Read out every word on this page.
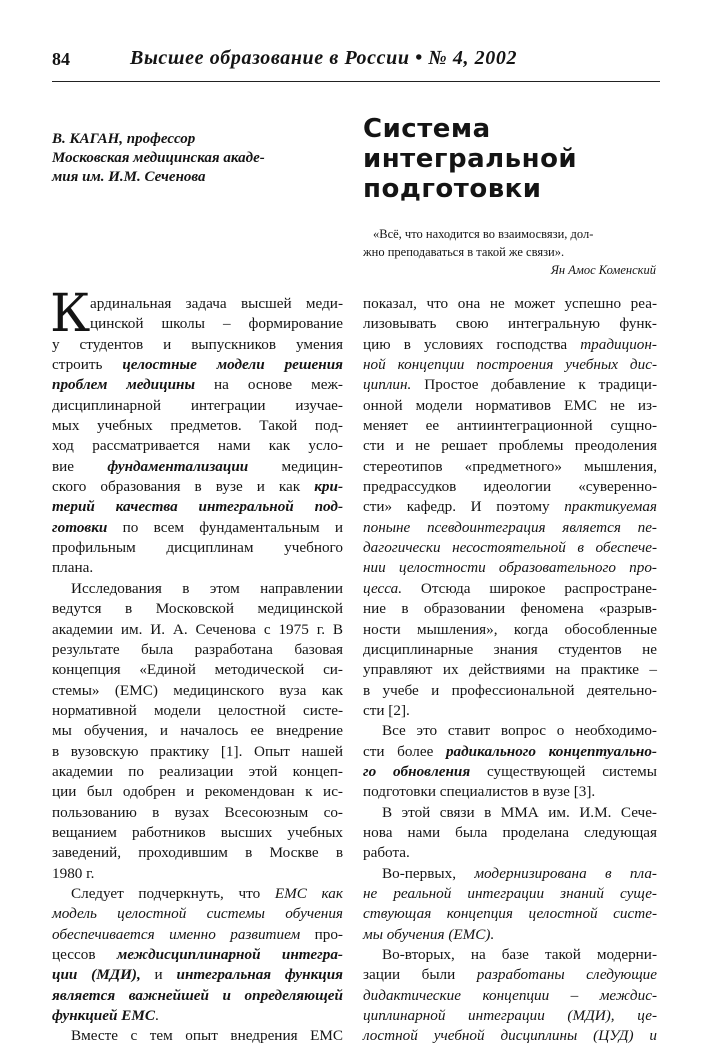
84	Высшее образование в России • № 4, 2002
В. КАГАН, профессор
Московская медицинская акаде-
мия им. И.М. Сеченова
Система
интегральной
подготовки
«Всё, что находится во взаимосвязи, дол-
жно преподаваться в такой же связи».
Ян Амос Коменский
К ардинальная задача высшей меди-
цинской школы – формирование
у студентов и выпускников умения
строить целостные модели решения
проблем медицины на основе меж-
дисциплинарной интеграции изучае-
мых учебных предметов. Такой под-
ход рассматривается нами как усло-
вие фундаментализации медицин-
ского образования в вузе и как кри-
терий качества интегральной под-
готовки по всем фундаментальным и
профильным дисциплинам учебного
плана.
Исследования в этом направлении
ведутся в Московской медицинской
академии им. И. А. Сеченова с 1975 г. В
результате была разработана базовая
концепция «Единой методической си-
стемы» (ЕМС) медицинского вуза как
нормативной модели целостной систе-
мы обучения, и началось ее внедрение
в вузовскую практику [1]. Опыт нашей
академии по реализации этой концеп-
ции был одобрен и рекомендован к ис-
пользованию в вузах Всесоюзным со-
вещанием работников высших учебных
заведений, проходившим в Москве в
1980 г.
Следует подчеркнуть, что ЕМС как
модель целостной системы обучения
обеспечивается именно развитием про-
цессов междисциплинарной интегра-
ции (МДИ), и интегральная функция
является важнейшей и определяющей
функцией ЕМС.
Вместе с тем опыт внедрения ЕМС
показал, что она не может успешно реа-
лизовывать свою интегральную функ-
цию в условиях господства традицион-
ной концепции построения учебных дис-
циплин. Простое добавление к традици-
онной модели нормативов ЕМС не из-
меняет ее антиинтеграционной сущно-
сти и не решает проблемы преодоления
стереотипов «предметного» мышления,
предрассудков идеологии «суверенно-
сти» кафедр. И поэтому практикуемая
поныне псевдоинтеграция является пе-
дагогически несостоятельной в обеспече-
нии целостности образовательного про-
цесса. Отсюда широкое распростране-
ние в образовании феномена «разрыв-
ности мышления», когда обособленные
дисциплинарные знания студентов не
управляют их действиями на практике –
в учебе и профессиональной деятельно-
сти [2].
Все это ставит вопрос о необходимо-
сти более радикального концептуально-
го обновления существующей системы
подготовки специалистов в вузе [3].
В этой связи в ММА им. И.М. Сече-
нова нами была проделана следующая
работа.
Во-первых, модернизирована в пла-
не реальной интеграции знаний суще-
ствующая концепция целостной систе-
мы обучения (ЕМС).
Во-вторых, на базе такой модерни-
зации были разработаны следующие
дидактические концепции – междис-
циплинарной интеграции (МДИ), це-
лостной учебной дисциплины (ЦУД) и
